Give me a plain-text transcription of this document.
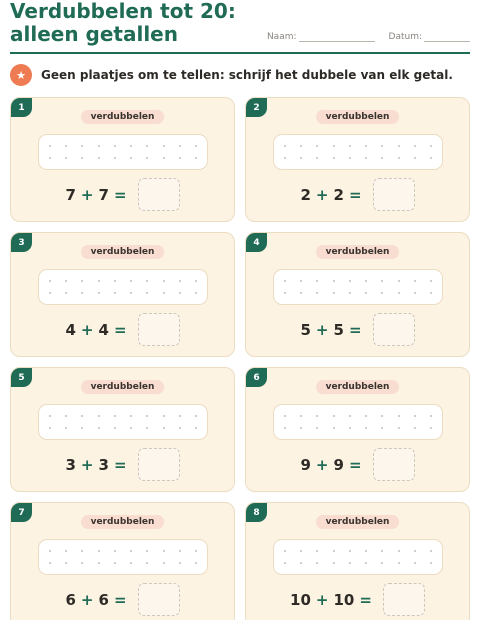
Verdubbelen tot 20: alleen getallen	Naam:	Datum:
★	Geen plaatjes om te tellen: schrijf het dubbele van elk getal.
1
verdubbelen
7 + 7 =
2
verdubbelen
2 + 2 =
3
verdubbelen
4 + 4 =
4
verdubbelen
5 + 5 =
5
verdubbelen
3 + 3 =
6
verdubbelen
9 + 9 =
7
verdubbelen
6 + 6 =
8
verdubbelen
10 + 10 =
